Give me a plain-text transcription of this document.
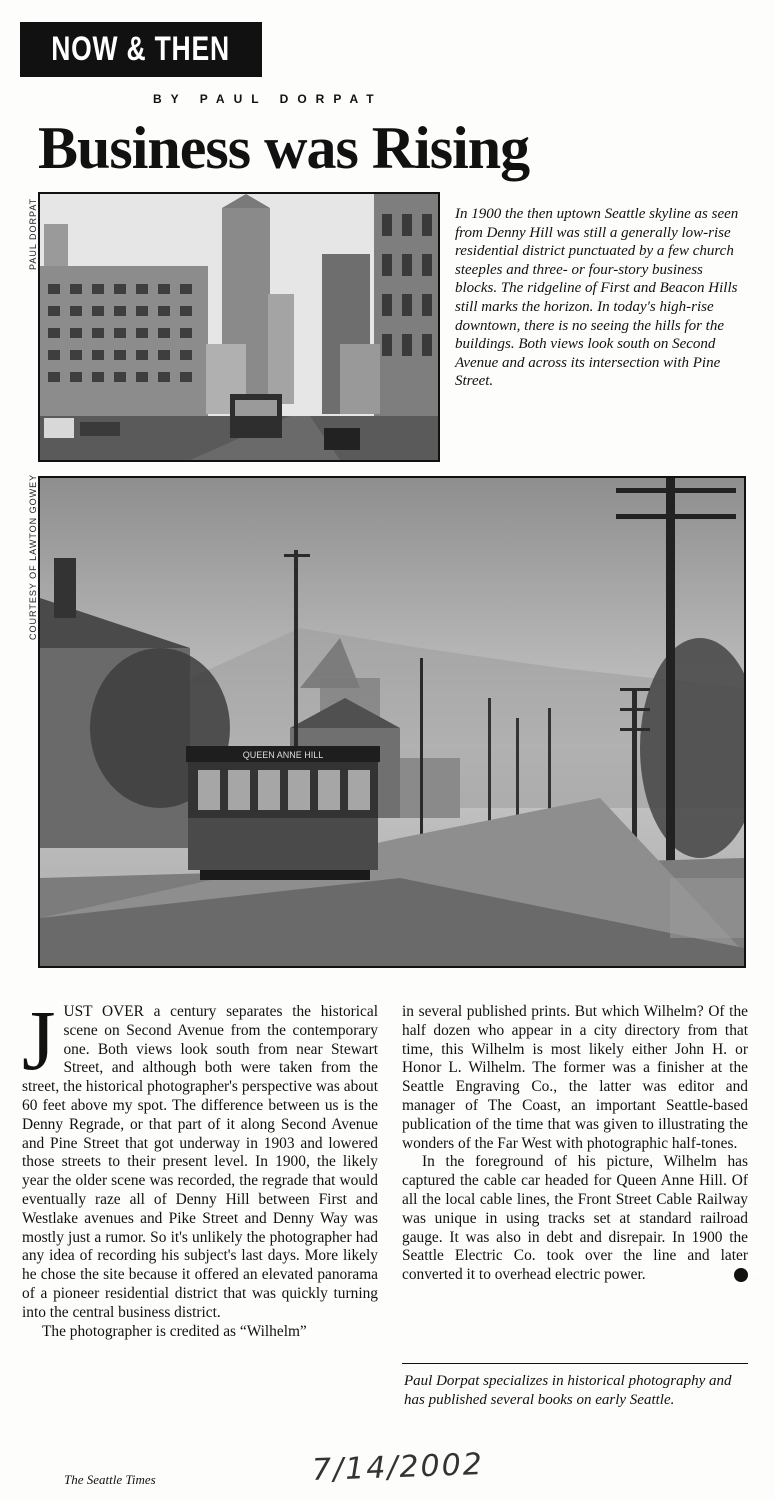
NOW & THEN
BY PAUL DORPAT
Business was Rising
PAUL DORPAT	In 1900 the then uptown Seattle skyline as seen from Denny Hill was still a generally low-rise residential district punctuated by a few church steeples and three- or four-story business blocks. The ridgeline of First and Beacon Hills still marks the horizon. In today's high-rise downtown, there is no seeing the hills for the buildings. Both views look south on Second Avenue and across its intersection with Pine Street.

COURTESY OF LAWTON GOWEY
QUEEN ANNE HILL

JUST OVER a century separates the historical scene on Second Avenue from the contemporary one. Both views look south from near Stewart Street, and although both were taken from the street, the historical photographer's perspective was about 60 feet above my spot. The difference between us is the Denny Regrade, or that part of it along Second Avenue and Pine Street that got underway in 1903 and lowered those streets to their present level. In 1900, the likely year the older scene was recorded, the regrade that would eventually raze all of Denny Hill between First and Westlake avenues and Pike Street and Denny Way was mostly just a rumor. So it's unlikely the photographer had any idea of recording his subject's last days. More likely he chose the site because it offered an elevated panorama of a pioneer residential district that was quickly turning into the central business district.

The photographer is credited as “Wilhelm”

in several published prints. But which Wilhelm? Of the half dozen who appear in a city directory from that time, this Wilhelm is most likely either John H. or Honor L. Wilhelm. The former was a finisher at the Seattle Engraving Co., the latter was editor and manager of The Coast, an important Seattle-based publication of the time that was given to illustrating the wonders of the Far West with photographic half-tones.

In the foreground of his picture, Wilhelm has captured the cable car headed for Queen Anne Hill. Of all the local cable lines, the Front Street Cable Railway was unique in using tracks set at standard railroad gauge. It was also in debt and disrepair. In 1900 the Seattle Electric Co. took over the line and later converted it to overhead electric power.	P

Paul Dorpat specializes in historical photography and has published several books on early Seattle.

The Seattle Times	7/14/2002
